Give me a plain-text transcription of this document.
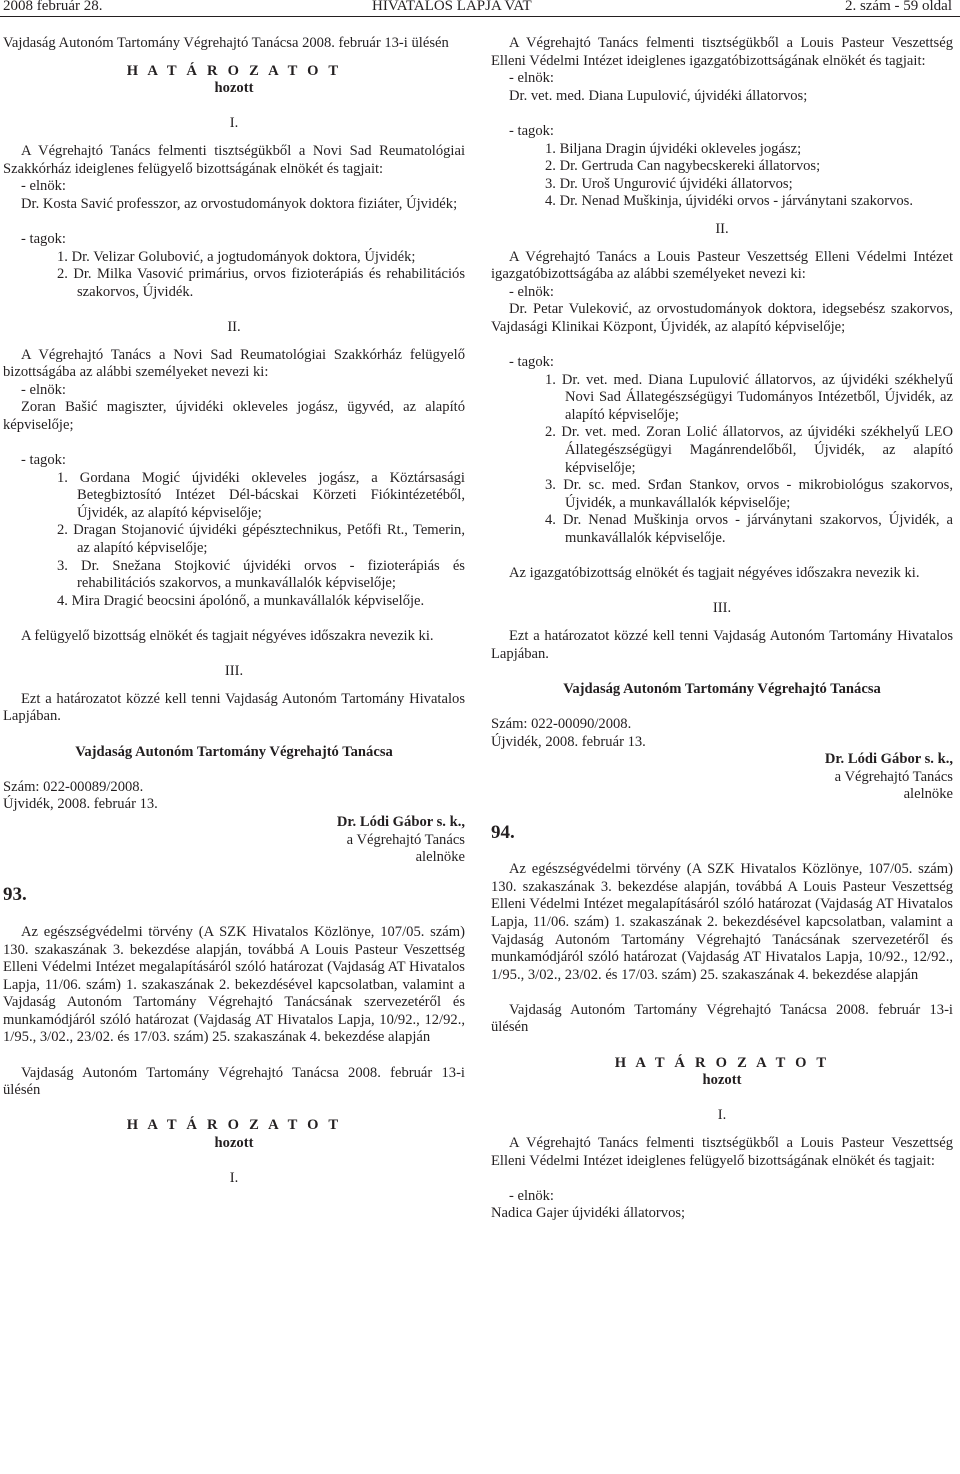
2008 február 28.	HIVATALOS LAPJA VAT	2. szám - 59 oldal

Vajdaság Autonóm Tartomány Végrehajtó Tanácsa 2008. február 13-i ülésén

H A T Á R O Z A T O T

hozott

I.

A Végrehajtó Tanács felmenti tisztségükből a Novi Sad Reumatológiai Szakkórház ideiglenes felügyelő bizottságának elnökét és tagjait:

- elnök:

Dr. Kosta Savić professzor, az orvostudományok doktora fiziáter, Újvidék;

- tagok:

1. Dr. Velizar Golubović, a jogtudományok doktora, Újvidék;

2. Dr. Milka Vasović primárius, orvos fizioterápiás és rehabilitációs szakorvos, Újvidék.

II.

A Végrehajtó Tanács a Novi Sad Reumatológiai Szakkórház felügyelő bizottságába az alábbi személyeket nevezi ki:

- elnök:

Zoran Bašić magiszter, újvidéki okleveles jogász, ügyvéd, az alapító képviselője;

- tagok:

1. Gordana Mogić újvidéki okleveles jogász, a Köztársasági Betegbiztosító Intézet Dél-bácskai Körzeti Fiókintézetéből, Újvidék, az alapító képviselője;

2. Dragan Stojanović újvidéki gépésztechnikus, Petőfi Rt., Temerin, az alapító képviselője;

3. Dr. Snežana Stojković újvidéki orvos - fizioterápiás és rehabilitációs szakorvos, a munkavállalók képviselője;

4. Mira Dragić beocsini ápolónő, a munkavállalók képviselője.

A felügyelő bizottság elnökét és tagjait négyéves időszakra nevezik ki.

III.

Ezt a határozatot közzé kell tenni Vajdaság Autonóm Tartomány Hivatalos Lapjában.

Vajdaság Autonóm Tartomány Végrehajtó Tanácsa

Szám: 022-00089/2008.

Újvidék, 2008. február 13.

Dr. Lódi Gábor s. k.,

a Végrehajtó Tanács

alelnöke

93.

Az egészségvédelmi törvény (A SZK Hivatalos Közlönye, 107/05. szám) 130. szakaszának 3. bekezdése alapján, továbbá A Louis Pasteur Veszettség Elleni Védelmi Intézet megalapításáról szóló határozat (Vajdaság AT Hivatalos Lapja, 11/06. szám) 1. szakaszának 2. bekezdésével kapcsolatban, valamint a Vajdaság Autonóm Tartomány Végrehajtó Tanácsának szervezetéről és munkamódjáról szóló határozat (Vajdaság AT Hivatalos Lapja, 10/92., 12/92., 1/95., 3/02., 23/02. és 17/03. szám) 25. szakaszának 4. bekezdése alapján

Vajdaság Autonóm Tartomány Végrehajtó Tanácsa 2008. február 13-i ülésén

H A T Á R O Z A T O T

hozott

I.

A Végrehajtó Tanács felmenti tisztségükből a Louis Pasteur Veszettség Elleni Védelmi Intézet ideiglenes igazgatóbizottságának elnökét és tagjait:

- elnök:

Dr. vet. med. Diana Lupulović, újvidéki állatorvos;

- tagok:

1. Biljana Dragin újvidéki okleveles jogász;

2. Dr. Gertruda Can nagybecskereki állatorvos;

3. Dr. Uroš Ungurović újvidéki állatorvos;

4. Dr. Nenad Muškinja, újvidéki orvos - járványtani szakorvos.

II.

A Végrehajtó Tanács a Louis Pasteur Veszettség Elleni Védelmi Intézet igazgatóbizottságába az alábbi személyeket nevezi ki:

- elnök:

Dr. Petar Vuleković, az orvostudományok doktora, idegsebész szakorvos, Vajdasági Klinikai Központ, Újvidék, az alapító képviselője;

- tagok:

1. Dr. vet. med. Diana Lupulović állatorvos, az újvidéki székhelyű Novi Sad Állategészségügyi Tudományos Intézetből, Újvidék, az alapító képviselője;

2. Dr. vet. med. Zoran Lolić állatorvos, az újvidéki székhelyű LEO Állategészségügyi Magánrendelőből, Újvidék, az alapító képviselője;

3. Dr. sc. med. Srđan Stankov, orvos - mikrobiológus szakorvos, Újvidék, a munkavállalók képviselője;

4. Dr. Nenad Muškinja orvos - járványtani szakorvos, Újvidék, a munkavállalók képviselője.

Az igazgatóbizottság elnökét és tagjait négyéves időszakra nevezik ki.

III.

Ezt a határozatot közzé kell tenni Vajdaság Autonóm Tartomány Hivatalos Lapjában.

Vajdaság Autonóm Tartomány Végrehajtó Tanácsa

Szám: 022-00090/2008.

Újvidék, 2008. február 13.

Dr. Lódi Gábor s. k.,

a Végrehajtó Tanács

alelnöke

94.

Az egészségvédelmi törvény (A SZK Hivatalos Közlönye, 107/05. szám) 130. szakaszának 3. bekezdése alapján, továbbá A Louis Pasteur Veszettség Elleni Védelmi Intézet megalapításáról szóló határozat (Vajdaság AT Hivatalos Lapja, 11/06. szám) 1. szakaszának 2. bekezdésével kapcsolatban, valamint a Vajdaság Autonóm Tartomány Végrehajtó Tanácsának szervezetéről és munkamódjáról szóló határozat (Vajdaság AT Hivatalos Lapja, 10/92., 12/92., 1/95., 3/02., 23/02. és 17/03. szám) 25. szakaszának 4. bekezdése alapján

Vajdaság Autonóm Tartomány Végrehajtó Tanácsa 2008. február 13-i ülésén

H A T Á R O Z A T O T

hozott

I.

A Végrehajtó Tanács felmenti tisztségükből a Louis Pasteur Veszettség Elleni Védelmi Intézet ideiglenes felügyelő bizottságának elnökét és tagjait:

- elnök:

Nadica Gajer újvidéki állatorvos;
